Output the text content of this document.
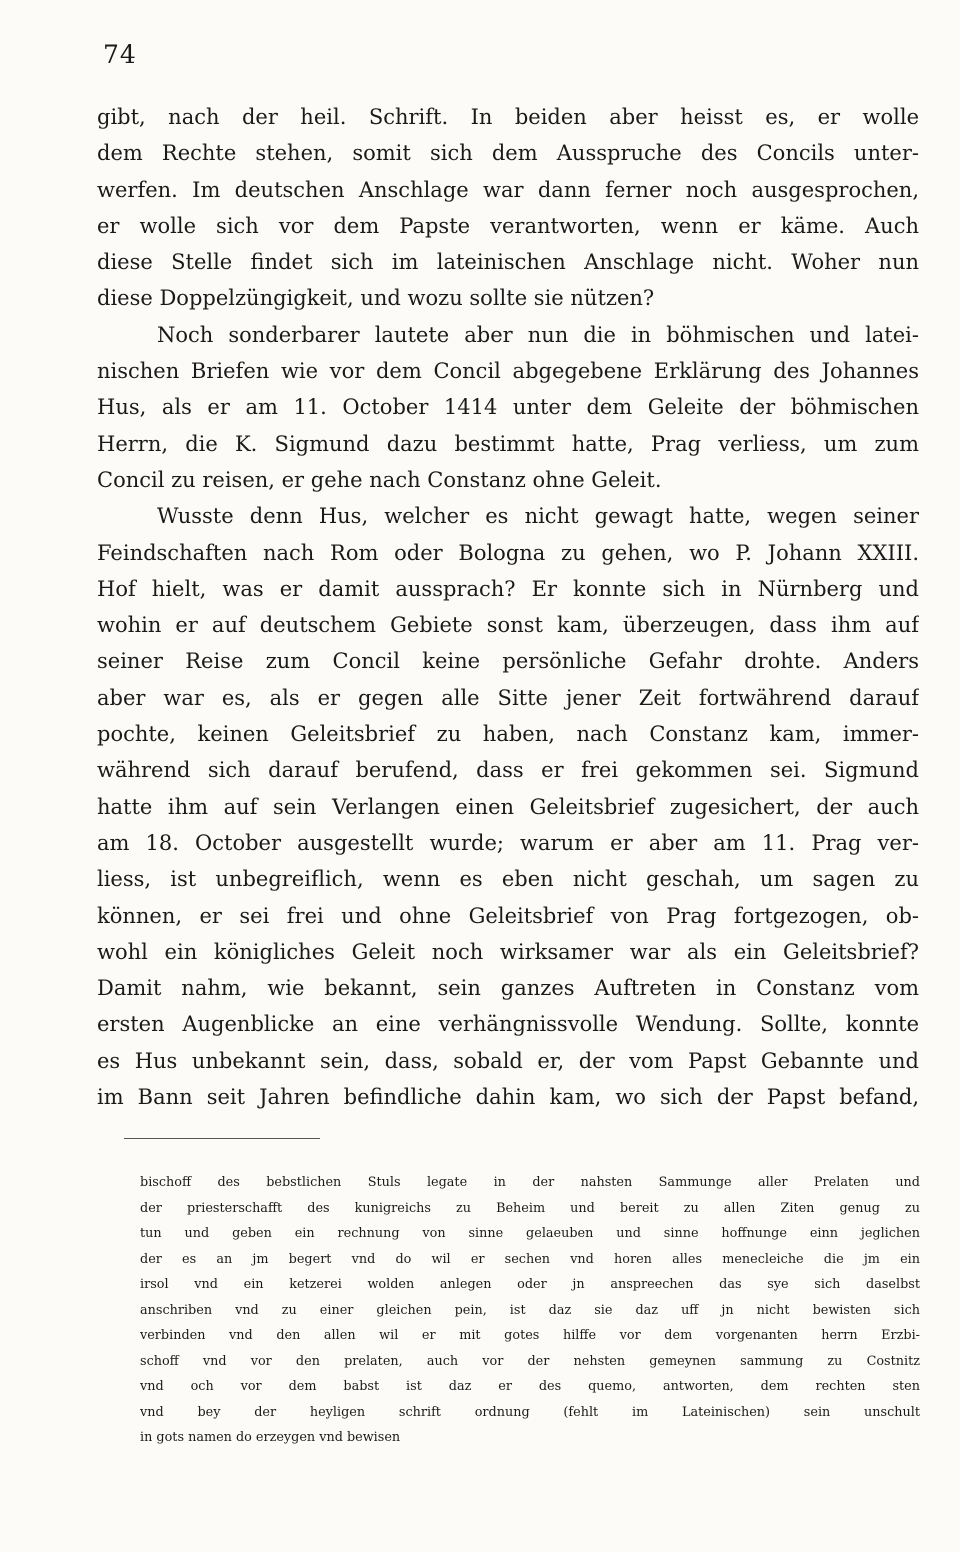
74
gibt, nach der heil. Schrift. In beiden aber heisst es, er wolle
dem Rechte stehen, somit sich dem Ausspruche des Concils unter-
werfen. Im deutschen Anschlage war dann ferner noch ausgesprochen,
er wolle sich vor dem Papste verantworten, wenn er käme. Auch
diese Stelle findet sich im lateinischen Anschlage nicht. Woher nun
diese Doppelzüngigkeit, und wozu sollte sie nützen?
Noch sonderbarer lautete aber nun die in böhmischen und latei-
nischen Briefen wie vor dem Concil abgegebene Erklärung des Johannes
Hus, als er am 11. October 1414 unter dem Geleite der böhmischen
Herrn, die K. Sigmund dazu bestimmt hatte, Prag verliess, um zum
Concil zu reisen, er gehe nach Constanz ohne Geleit.
Wusste denn Hus, welcher es nicht gewagt hatte, wegen seiner
Feindschaften nach Rom oder Bologna zu gehen, wo P. Johann XXIII.
Hof hielt, was er damit aussprach? Er konnte sich in Nürnberg und
wohin er auf deutschem Gebiete sonst kam, überzeugen, dass ihm auf
seiner Reise zum Concil keine persönliche Gefahr drohte. Anders
aber war es, als er gegen alle Sitte jener Zeit fortwährend darauf
pochte, keinen Geleitsbrief zu haben, nach Constanz kam, immer-
während sich darauf berufend, dass er frei gekommen sei. Sigmund
hatte ihm auf sein Verlangen einen Geleitsbrief zugesichert, der auch
am 18. October ausgestellt wurde; warum er aber am 11. Prag ver-
liess, ist unbegreiflich, wenn es eben nicht geschah, um sagen zu
können, er sei frei und ohne Geleitsbrief von Prag fortgezogen, ob-
wohl ein königliches Geleit noch wirksamer war als ein Geleitsbrief?
Damit nahm, wie bekannt, sein ganzes Auftreten in Constanz vom
ersten Augenblicke an eine verhängnissvolle Wendung. Sollte, konnte
es Hus unbekannt sein, dass, sobald er, der vom Papst Gebannte und
im Bann seit Jahren befindliche dahin kam, wo sich der Papst befand,
bischoff des bebstlichen Stuls legate in der nahsten Sammunge aller Prelaten und
der priesterschafft des kunigreichs zu Beheim und bereit zu allen Ziten genug zu
tun und geben ein rechnung von sinne gelaeuben und sinne hoffnunge einn jeglichen
der es an jm begert vnd do wil er sechen vnd horen alles menecleiche die jm ein
irsol vnd ein ketzerei wolden anlegen oder jn anspreechen das sye sich daselbst
anschriben vnd zu einer gleichen pein, ist daz sie daz uff jn nicht bewisten sich
verbinden vnd den allen wil er mit gotes hilffe vor dem vorgenanten herrn Erzbi-
schoff vnd vor den prelaten, auch vor der nehsten gemeynen sammung zu Costnitz
vnd och vor dem babst ist daz er des quemo, antworten, dem rechten sten
vnd bey der heyligen schrift ordnung (fehlt im Lateinischen) sein unschult
in gots namen do erzeygen vnd bewisen
